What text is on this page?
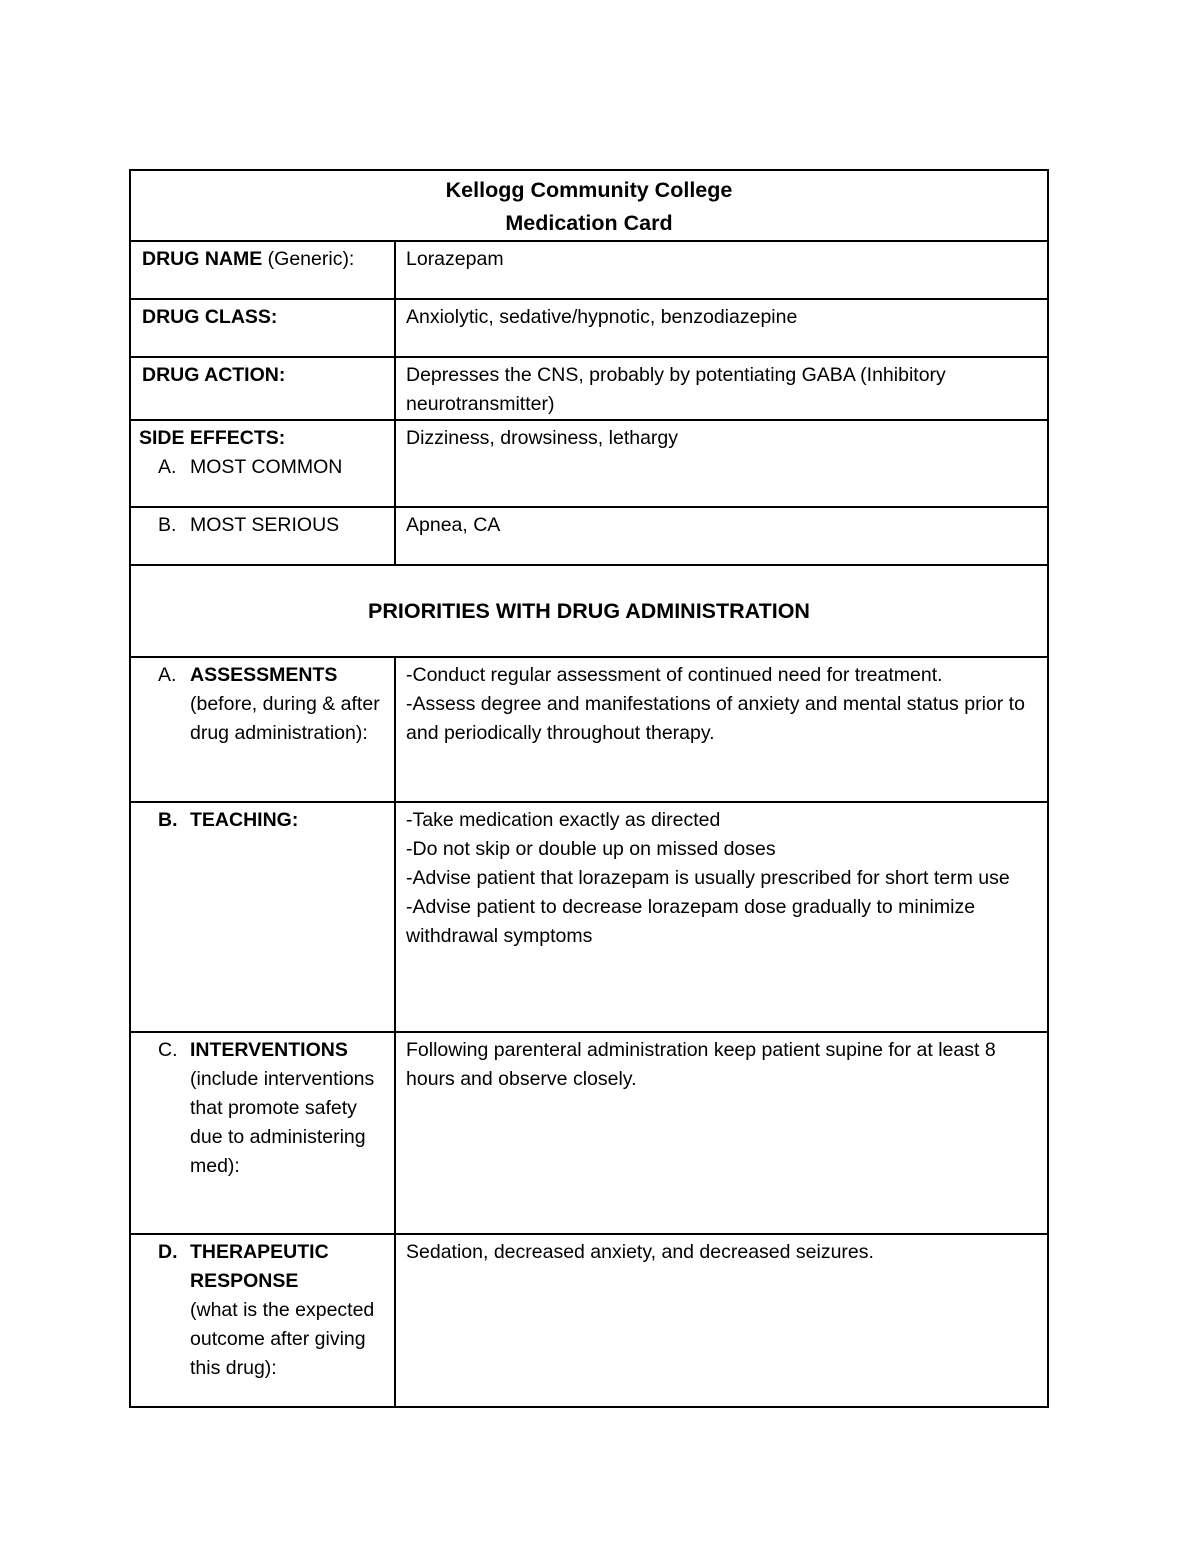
Kellogg Community College
Medication Card	

DRUG NAME (Generic):	Lorazepam
DRUG CLASS:	Anxiolytic, sedative/hypnotic, benzodiazepine
DRUG ACTION:	Depresses the CNS, probably by potentiating GABA (Inhibitory neurotransmitter)

SIDE EFFECTS:
A. MOST COMMON	Dizziness, drowsiness, lethargy

B. MOST SERIOUS	Apnea, CA
PRIORITIES WITH DRUG ADMINISTRATION	

A. ASSESSMENTS
(before, during & after drug administration):	-Conduct regular assessment of continued need for treatment.
-Assess degree and manifestations of anxiety and mental status prior to and periodically throughout therapy.

B. TEACHING:	-Take medication exactly as directed
-Do not skip or double up on missed doses
-Advise patient that lorazepam is usually prescribed for short term use
-Advise patient to decrease lorazepam dose gradually to minimize withdrawal symptoms

C. INTERVENTIONS
(include interventions that promote safety due to administering med):	Following parenteral administration keep patient supine for at least 8 hours and observe closely.

D. THERAPEUTIC RESPONSE
(what is the expected outcome after giving this drug):	Sedation, decreased anxiety, and decreased seizures.
